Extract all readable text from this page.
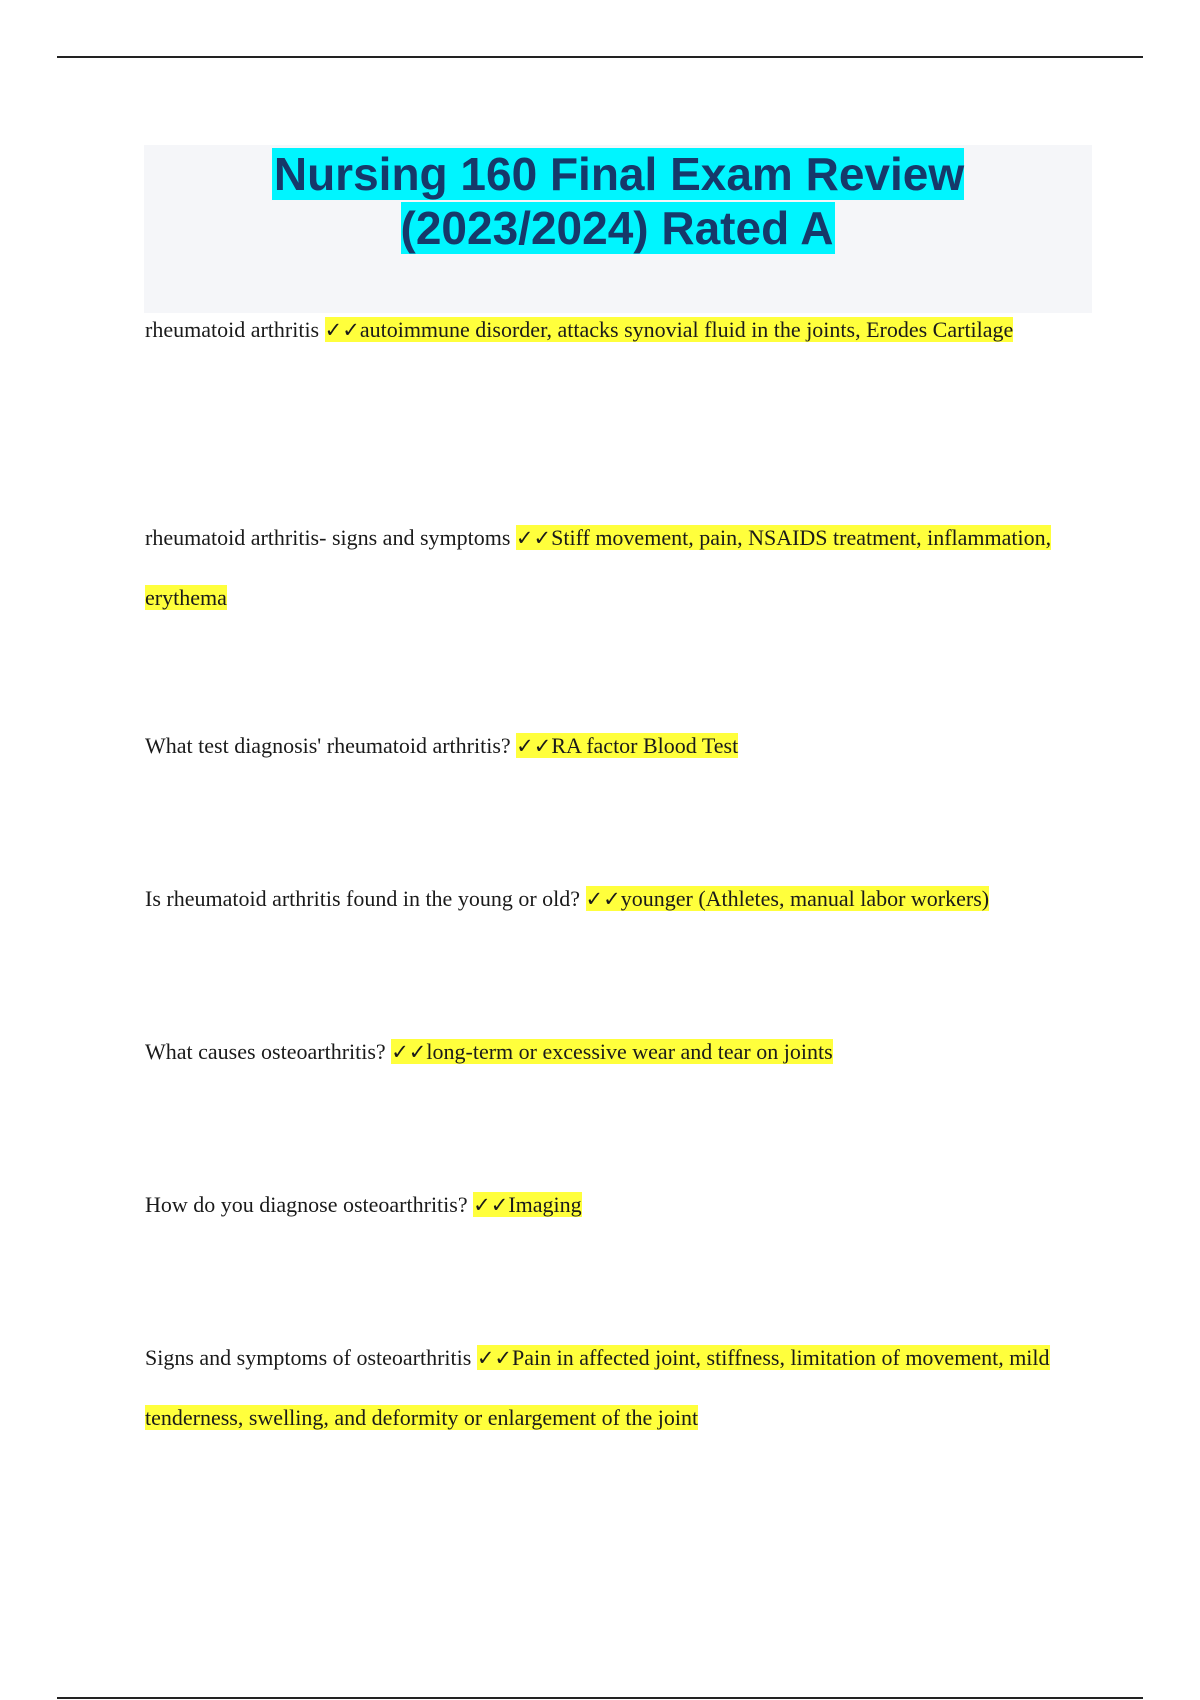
Nursing 160 Final Exam Review (2023/2024) Rated A

rheumatoid arthritis ✓✓autoimmune disorder, attacks synovial fluid in the joints, Erodes Cartilage

rheumatoid arthritis- signs and symptoms ✓✓Stiff movement, pain, NSAIDS treatment, inflammation, erythema

What test diagnosis' rheumatoid arthritis? ✓✓RA factor Blood Test

Is rheumatoid arthritis found in the young or old? ✓✓younger (Athletes, manual labor workers)

What causes osteoarthritis? ✓✓long-term or excessive wear and tear on joints

How do you diagnose osteoarthritis? ✓✓Imaging

Signs and symptoms of osteoarthritis ✓✓Pain in affected joint, stiffness, limitation of movement, mild tenderness, swelling, and deformity or enlargement of the joint
